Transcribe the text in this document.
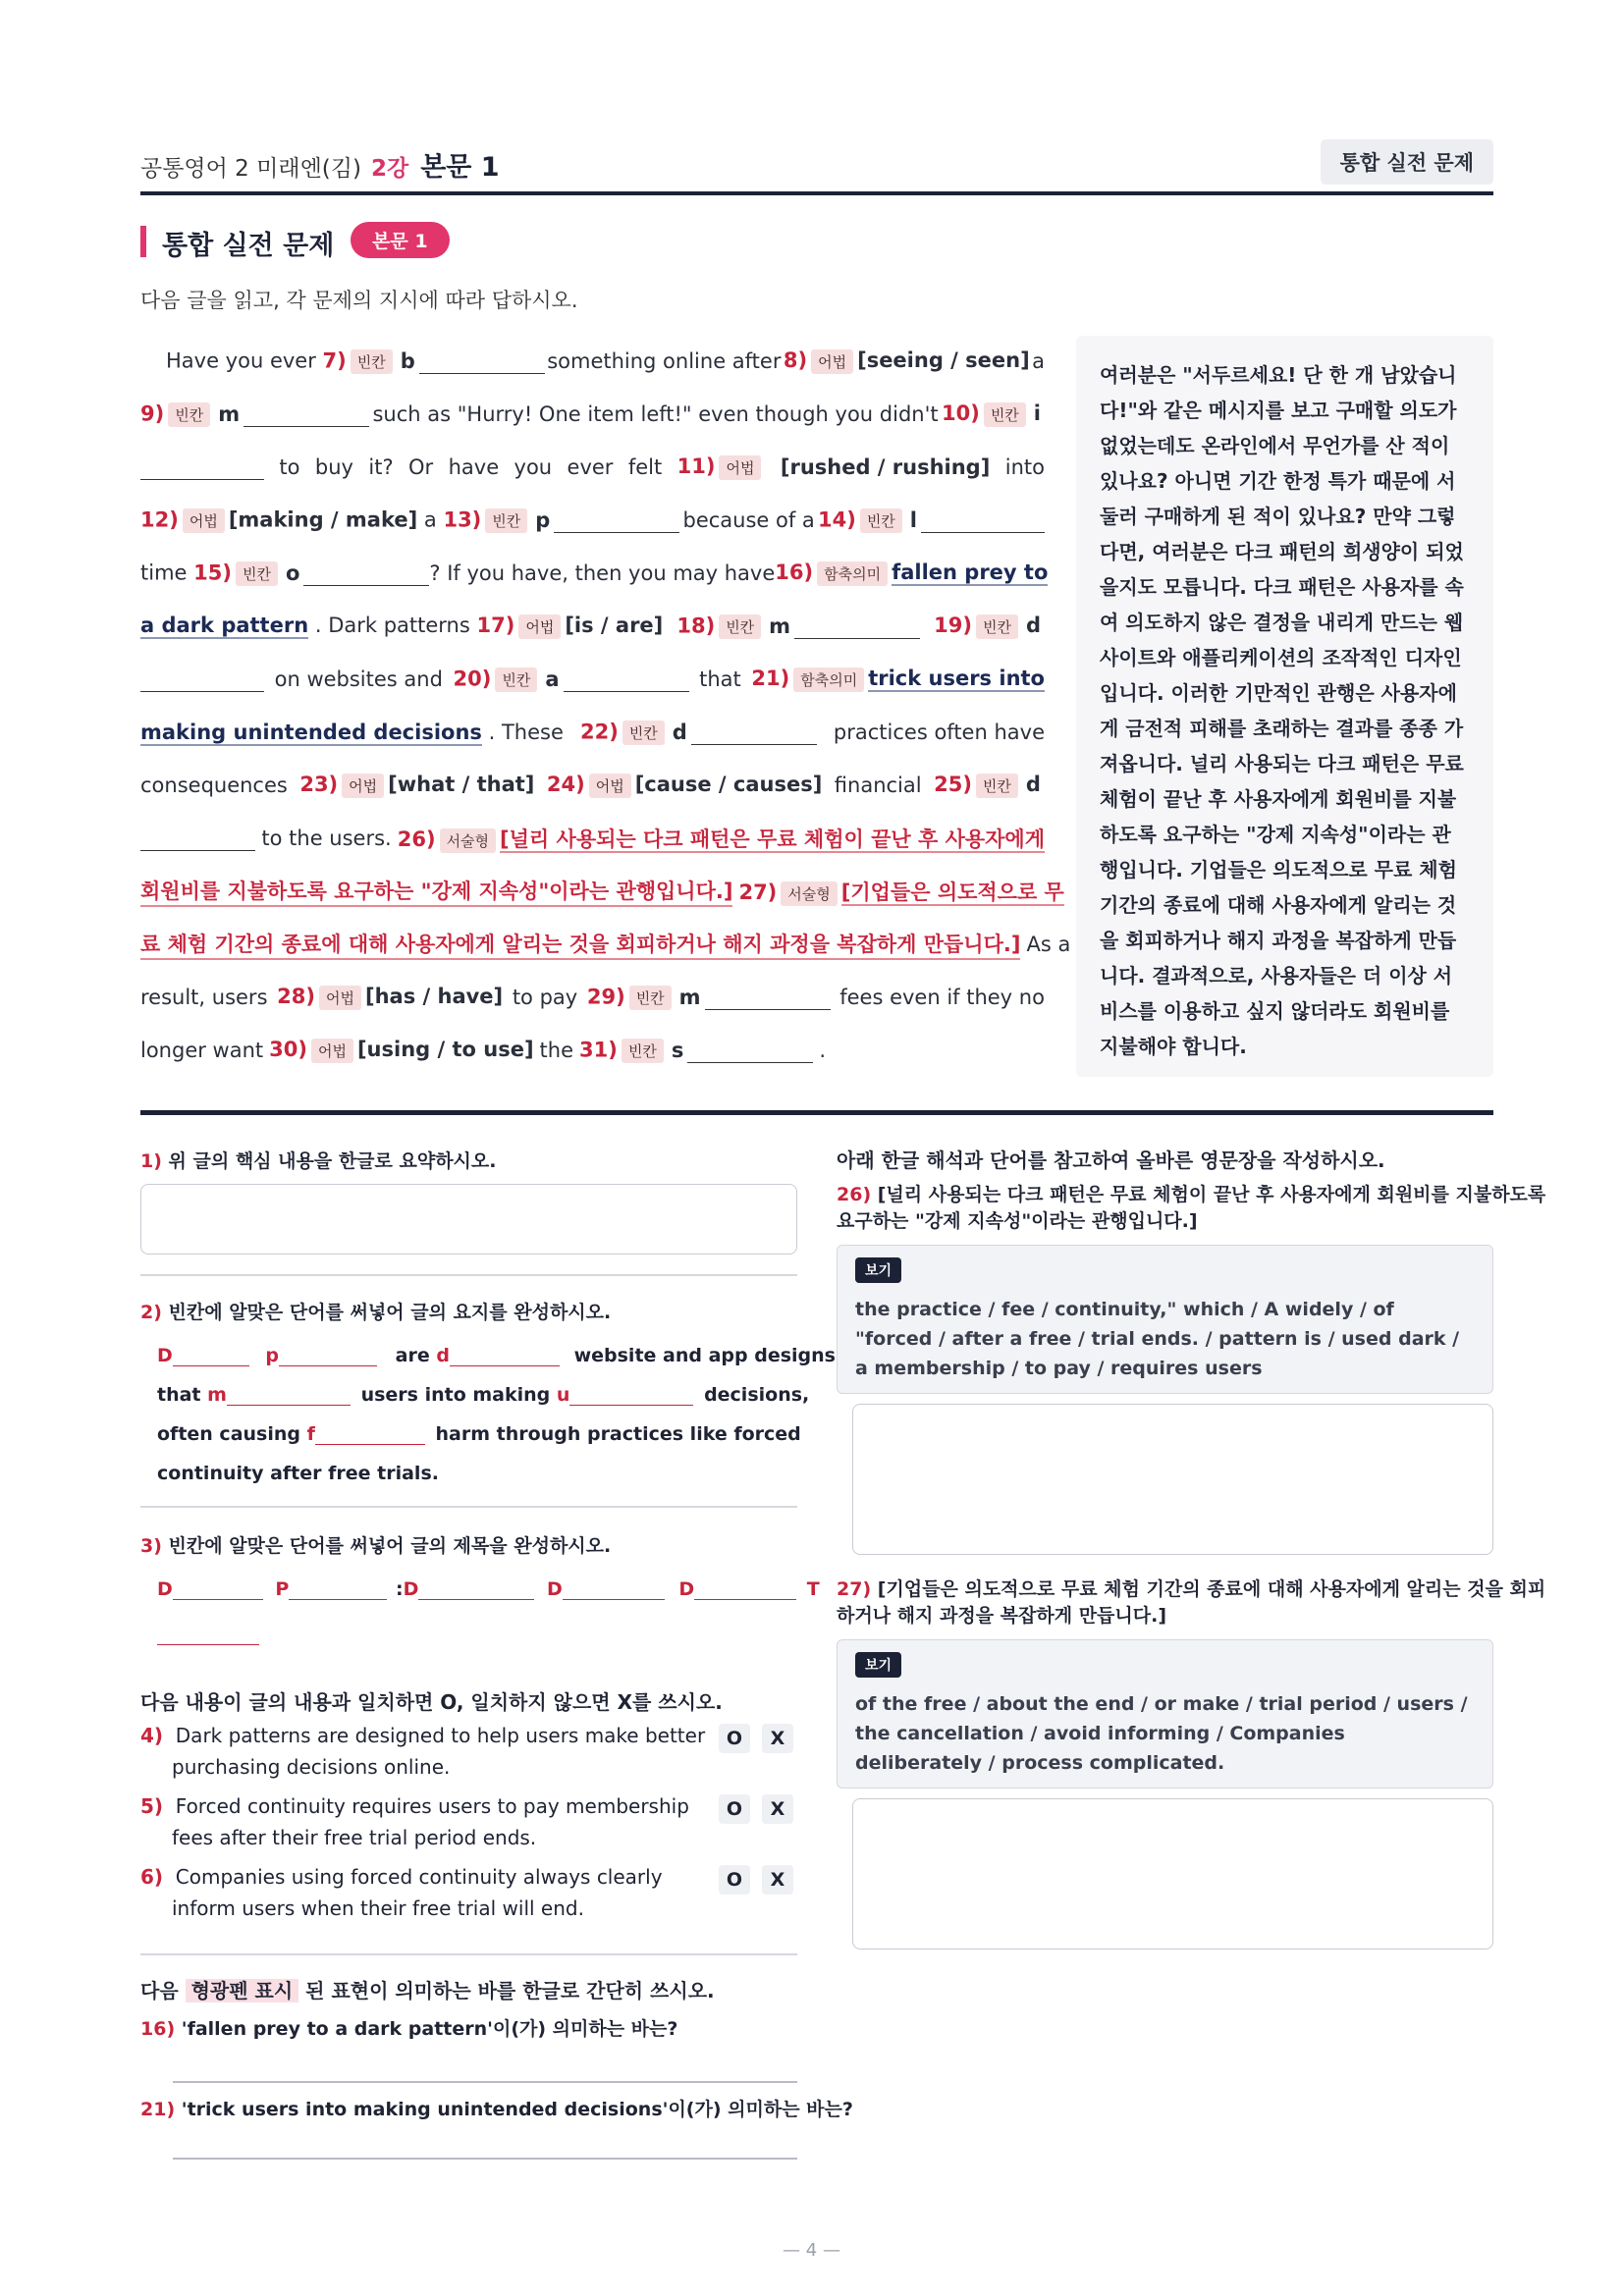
공통영어 2 미래엔(김) 2강 본문 1	통합 실전 문제
통합 실전 문제	본문 1
다음 글을 읽고, 각 문제의 지시에 따라 답하시오.
Have you ever 7) 빈칸 b	something online after 8) 어법 [seeing / seen] a
9) 빈칸 m	such as "Hurry! One item left!" even though you didn't 10) 빈칸 i
to buy it? Or have you ever felt 11) 어법	[rushed / rushing] into
12) 어법 [making / make] a 13) 빈칸 p	because of a 14) 빈칸 l
time 15) 빈칸 o	? If you have, then you may have 16) 함축의미 fallen prey to
a dark pattern . Dark patterns 17) 어법 [is / are] 18) 빈칸 m	19) 빈칸 d
on websites and 20) 빈칸 a	that 21) 함축의미 trick users into
making unintended decisions . These 22) 빈칸 d	practices often have
consequences 23) 어법 [what / that] 24) 어법 [cause / causes] financial 25) 빈칸 d
to the users. 26) 서술형 [널리 사용되는 다크 패턴은 무료 체험이 끝난 후 사용자에게
회원비를 지불하도록 요구하는 "강제 지속성"이라는 관행입니다.] 27) 서술형 [기업들은 의도적으로 무
료 체험 기간의 종료에 대해 사용자에게 알리는 것을 회피하거나 해지 과정을 복잡하게 만듭니다.] As a
result, users 28) 어법 [has / have] to pay 29) 빈칸 m	fees even if they no
longer want 30) 어법 [using / to use] the 31) 빈칸 s	.
여러분은 "서두르세요! 단 한 개 남았습니다!"와 같은 메시지를 보고 구매할 의도가 없었는데도 온라인에서 무언가를 산 적이 있나요? 아니면 기간 한정 특가 때문에 서둘러 구매하게 된 적이 있나요? 만약 그렇다면, 여러분은 다크 패턴의 희생양이 되었을지도 모릅니다. 다크 패턴은 사용자를 속여 의도하지 않은 결정을 내리게 만드는 웹사이트와 애플리케이션의 조작적인 디자인입니다. 이러한 기만적인 관행은 사용자에게 금전적 피해를 초래하는 결과를 종종 가져옵니다. 널리 사용되는 다크 패턴은 무료 체험이 끝난 후 사용자에게 회원비를 지불하도록 요구하는 "강제 지속성"이라는 관행입니다. 기업들은 의도적으로 무료 체험 기간의 종료에 대해 사용자에게 알리는 것을 회피하거나 해지 과정을 복잡하게 만듭니다. 결과적으로, 사용자들은 더 이상 서비스를 이용하고 싶지 않더라도 회원비를 지불해야 합니다.
1) 위 글의 핵심 내용을 한글로 요약하시오.
2) 빈칸에 알맞은 단어를 써넣어 글의 요지를 완성하시오.
D	p	are d	website and app designs
that m	users into making u	decisions,
often causing f	harm through practices like forced
continuity after free trials.
3) 빈칸에 알맞은 단어를 써넣어 글의 제목을 완성하시오.
D	P	:D	D	D	T
다음 내용이 글의 내용과 일치하면 O, 일치하지 않으면 X를 쓰시오.
4) Dark patterns are designed to help users make better
purchasing decisions online.
O	X
5) Forced continuity requires users to pay membership
fees after their free trial period ends.
O	X
6) Companies using forced continuity always clearly
inform users when their free trial will end.
O	X
다음 형광펜 표시 된 표현이 의미하는 바를 한글로 간단히 쓰시오.
16) 'fallen prey to a dark pattern'이(가) 의미하는 바는?
21) 'trick users into making unintended decisions'이(가) 의미하는 바는?
아래 한글 해석과 단어를 참고하여 올바른 영문장을 작성하시오.
26) [널리 사용되는 다크 패턴은 무료 체험이 끝난 후 사용자에게 회원비를 지불하도록
요구하는 "강제 지속성"이라는 관행입니다.]
보기
the practice / fee / continuity," which / A widely / of "forced / after a free / trial ends. / pattern is / used dark / a membership / to pay / requires users
27) [기업들은 의도적으로 무료 체험 기간의 종료에 대해 사용자에게 알리는 것을 회피
하거나 해지 과정을 복잡하게 만듭니다.]
보기
of the free / about the end / or make / trial period / users / the cancellation / avoid informing / Companies deliberately / process complicated.
— 4 —
